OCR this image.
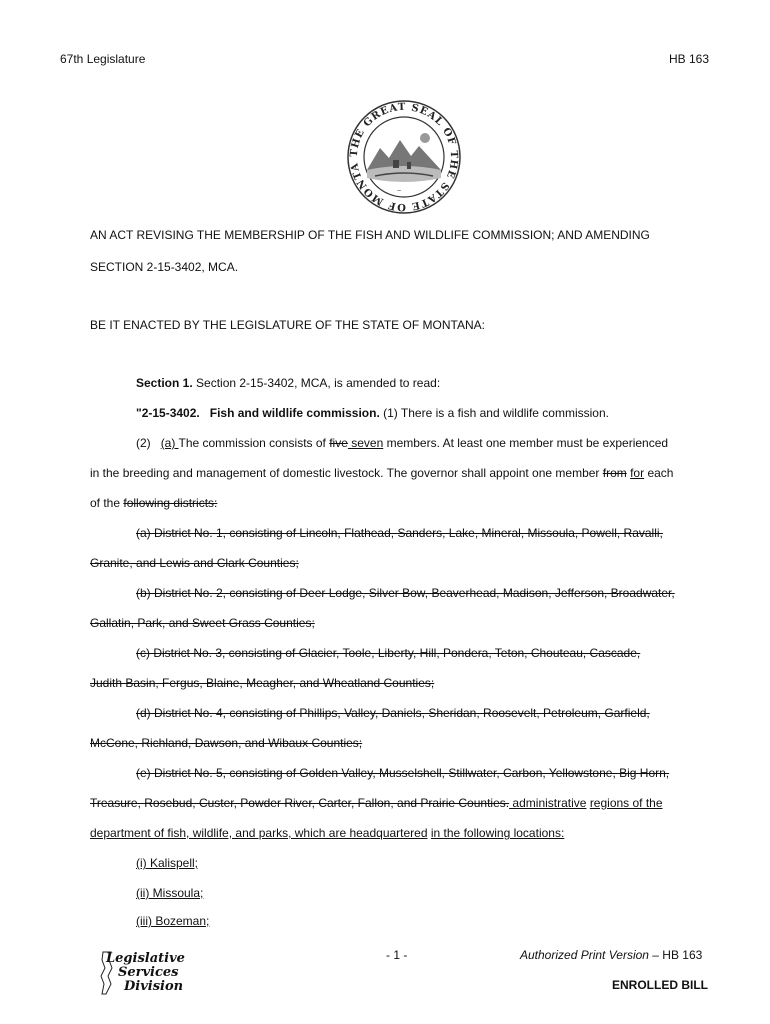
67th Legislature	HB 163
THE GREAT SEAL OF THE STATE OF MONTA
~
AN ACT REVISING THE MEMBERSHIP OF THE FISH AND WILDLIFE COMMISSION; AND AMENDING
SECTION 2-15-3402, MCA.
BE IT ENACTED BY THE LEGISLATURE OF THE STATE OF MONTANA:
Section 1. Section 2-15-3402, MCA, is amended to read:
"2-15-3402. Fish and wildlife commission. (1) There is a fish and wildlife commission.
(2) (a) The commission consists of five seven members. At least one member must be experienced
in the breeding and management of domestic livestock. The governor shall appoint one member from for each
of the following districts:
(a) District No. 1, consisting of Lincoln, Flathead, Sanders, Lake, Mineral, Missoula, Powell, Ravalli,
Granite, and Lewis and Clark Counties;
(b) District No. 2, consisting of Deer Lodge, Silver Bow, Beaverhead, Madison, Jefferson, Broadwater,
Gallatin, Park, and Sweet Grass Counties;
(c) District No. 3, consisting of Glacier, Toole, Liberty, Hill, Pondera, Teton, Chouteau, Cascade,
Judith Basin, Fergus, Blaine, Meagher, and Wheatland Counties;
(d) District No. 4, consisting of Phillips, Valley, Daniels, Sheridan, Roosevelt, Petroleum, Garfield,
McCone, Richland, Dawson, and Wibaux Counties;
(e) District No. 5, consisting of Golden Valley, Musselshell, Stillwater, Carbon, Yellowstone, Big Horn,
Treasure, Rosebud, Custer, Powder River, Carter, Fallon, and Prairie Counties. administrative regions of the
department of fish, wildlife, and parks, which are headquartered in the following locations:
(i) Kalispell;
(ii) Missoula;
(iii) Bozeman;
Legislative
Services
Division
- 1 -	Authorized Print Version – HB 163
ENROLLED BILL
